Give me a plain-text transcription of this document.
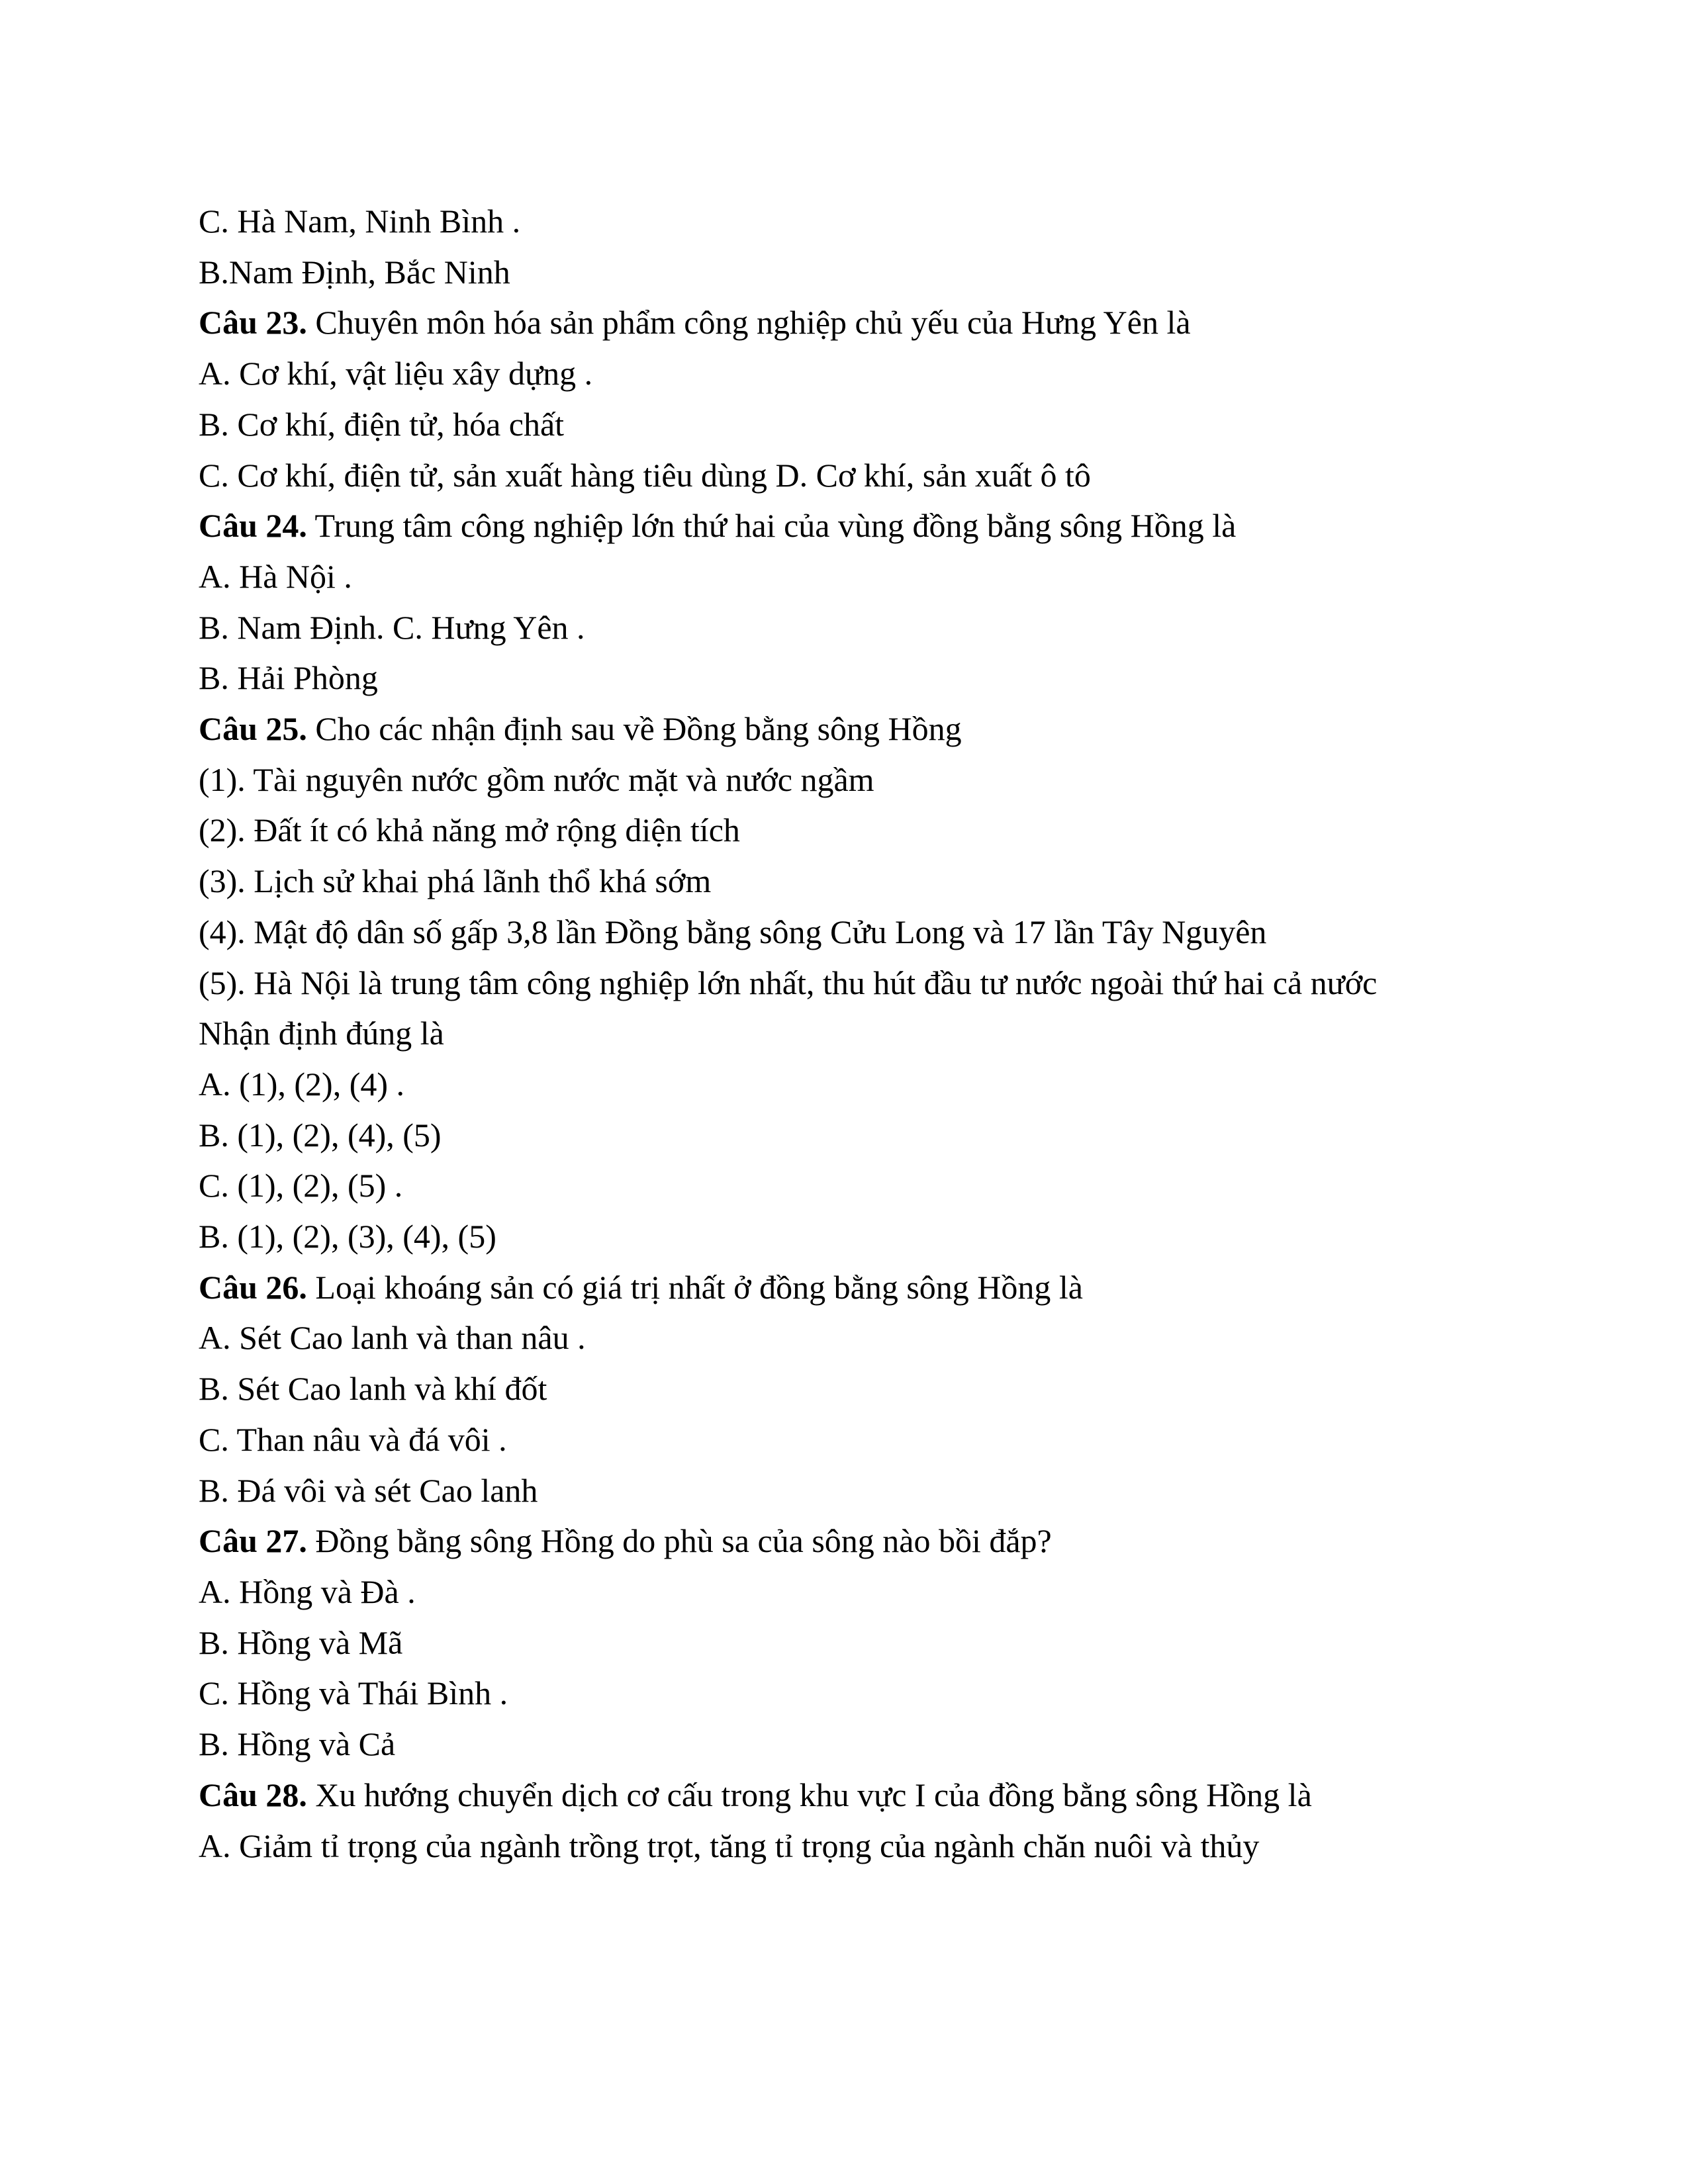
C. Hà Nam, Ninh Bình .
B.Nam Định, Bắc Ninh
Câu 23. Chuyên môn hóa sản phẩm công nghiệp chủ yếu của Hưng Yên là
A. Cơ khí, vật liệu xây dựng .
B. Cơ khí, điện tử, hóa chất
C. Cơ khí, điện tử, sản xuất hàng tiêu dùng D. Cơ khí, sản xuất ô tô
Câu 24. Trung tâm công nghiệp lớn thứ hai của vùng đồng bằng sông Hồng là
A. Hà Nội .
B. Nam Định. C. Hưng Yên .
B. Hải Phòng
Câu 25. Cho các nhận định sau về Đồng bằng sông Hồng
(1). Tài nguyên nước gồm nước mặt và nước ngầm
(2). Đất ít có khả năng mở rộng diện tích
(3). Lịch sử khai phá lãnh thổ khá sớm
(4). Mật độ dân số gấp 3,8 lần Đồng bằng sông Cửu Long và 17 lần Tây Nguyên
(5). Hà Nội là trung tâm công nghiệp lớn nhất, thu hút đầu tư nước ngoài thứ hai cả nước
Nhận định đúng là
A. (1), (2), (4) .
B. (1), (2), (4), (5)
C. (1), (2), (5) .
B. (1), (2), (3), (4), (5)
Câu 26. Loại khoáng sản có giá trị nhất ở đồng bằng sông Hồng là
A. Sét Cao lanh và than nâu .
B. Sét Cao lanh và khí đốt
C. Than nâu và đá vôi .
B. Đá vôi và sét Cao lanh
Câu 27. Đồng bằng sông Hồng do phù sa của sông nào bồi đắp?
A. Hồng và Đà .
B. Hồng và Mã
C. Hồng và Thái Bình .
B. Hồng và Cả
Câu 28. Xu hướng chuyển dịch cơ cấu trong khu vực I của đồng bằng sông Hồng là
A. Giảm tỉ trọng của ngành trồng trọt, tăng tỉ trọng của ngành chăn nuôi và thủy
